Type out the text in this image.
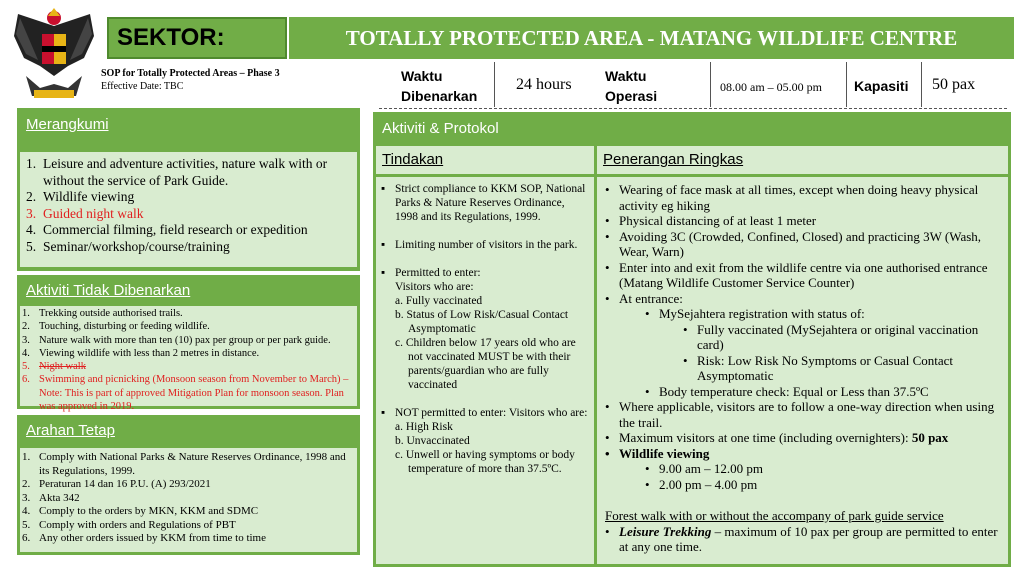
SEKTOR:	TOTALLY PROTECTED AREA - MATANG WILDLIFE CENTRE
SOP for Totally Protected Areas – Phase 3
Effective Date: TBC
Waktu
Dibenarkan
24 hours Waktu
Operasi
08.00 am – 05.00 pm Kapasiti 50 pax
Merangkumi
1. Leisure and adventure activities, nature walk with or without the service of Park Guide.
2. Wildlife viewing
3. Guided night walk
4. Commercial filming, field research or expedition
5. Seminar/workshop/course/training
Aktiviti Tidak Dibenarkan
1. Trekking outside authorised trails.
2. Touching, disturbing or feeding wildlife.
3. Nature walk with more than ten (10) pax per group or per park guide.
4. Viewing wildlife with less than 2 metres in distance.
5. Night walk
6. Swimming and picnicking (Monsoon season from November to March) – Note: This is part of approved Mitigation Plan for monsoon season. Plan was approved in 2019.
Arahan Tetap
1. Comply with National Parks & Nature Reserves Ordinance, 1998 and its Regulations, 1999.
2. Peraturan 14 dan 16 P.U. (A) 293/2021
3. Akta 342
4. Comply to the orders by MKN, KKM and SDMC
5. Comply with orders and Regulations of PBT
6. Any other orders issued by KKM from time to time
Aktiviti & Protokol
Tindakan	Penerangan Ringkas
▪ Strict compliance to KKM SOP, National Parks & Nature Reserves Ordinance, 1998 and its Regulations, 1999.
▪ Limiting number of visitors in the park.
▪ Permitted to enter:
Visitors who are:
a. Fully vaccinated
b. Status of Low Risk/Casual Contact Asymptomatic
c. Children below 17 years old who are not vaccinated MUST be with their parents/guardian who are fully vaccinated
▪ NOT permitted to enter: Visitors who are:
a. High Risk
b. Unvaccinated
c. Unwell or having symptoms or body temperature of more than 37.5ºC.
• Wearing of face mask at all times, except when doing heavy physical activity eg hiking
• Physical distancing of at least 1 meter
• Avoiding 3C (Crowded, Confined, Closed) and practicing 3W (Wash, Wear, Warn)
• Enter into and exit from the wildlife centre via one authorised entrance (Matang Wildlife Customer Service Counter)
• At entrance:
• MySejahtera registration with status of:
• Fully vaccinated (MySejahtera or original vaccination card)
• Risk: Low Risk No Symptoms or Casual Contact Asymptomatic
• Body temperature check: Equal or Less than 37.5ºC
• Where applicable, visitors are to follow a one-way direction when using the trail.
• Maximum visitors at one time (including overnighters): 50 pax
• Wildlife viewing
• 9.00 am – 12.00 pm
• 2.00 pm – 4.00 pm
Forest walk with or without the accompany of park guide service
• Leisure Trekking – maximum of 10 pax per group are permitted to enter at any one time.
